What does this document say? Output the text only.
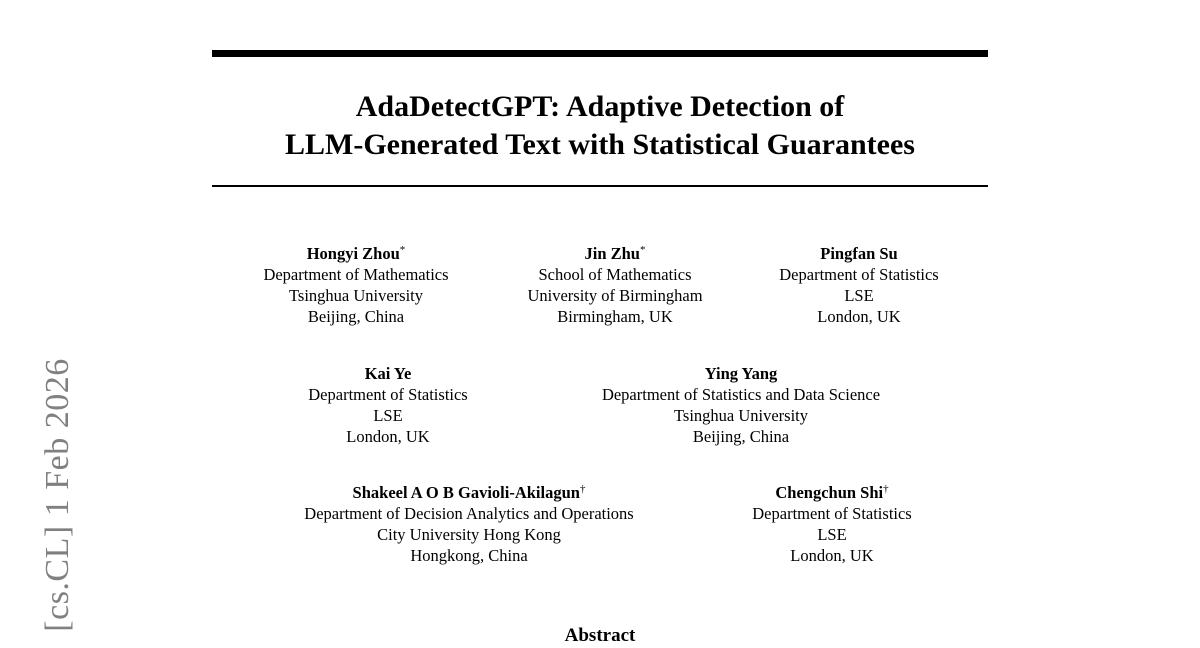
AdaDetectGPT: Adaptive Detection of
LLM-Generated Text with Statistical Guarantees
Hongyi Zhou*
Department of Mathematics
Tsinghua University
Beijing, China
Jin Zhu*
School of Mathematics
University of Birmingham
Birmingham, UK
Pingfan Su
Department of Statistics
LSE
London, UK
Kai Ye
Department of Statistics
LSE
London, UK
Ying Yang
Department of Statistics and Data Science
Tsinghua University
Beijing, China
Shakeel A O B Gavioli-Akilagun†
Department of Decision Analytics and Operations
City University Hong Kong
Hongkong, China
Chengchun Shi†
Department of Statistics
LSE
London, UK
[cs.CL] 1 Feb 2026
Abstract
